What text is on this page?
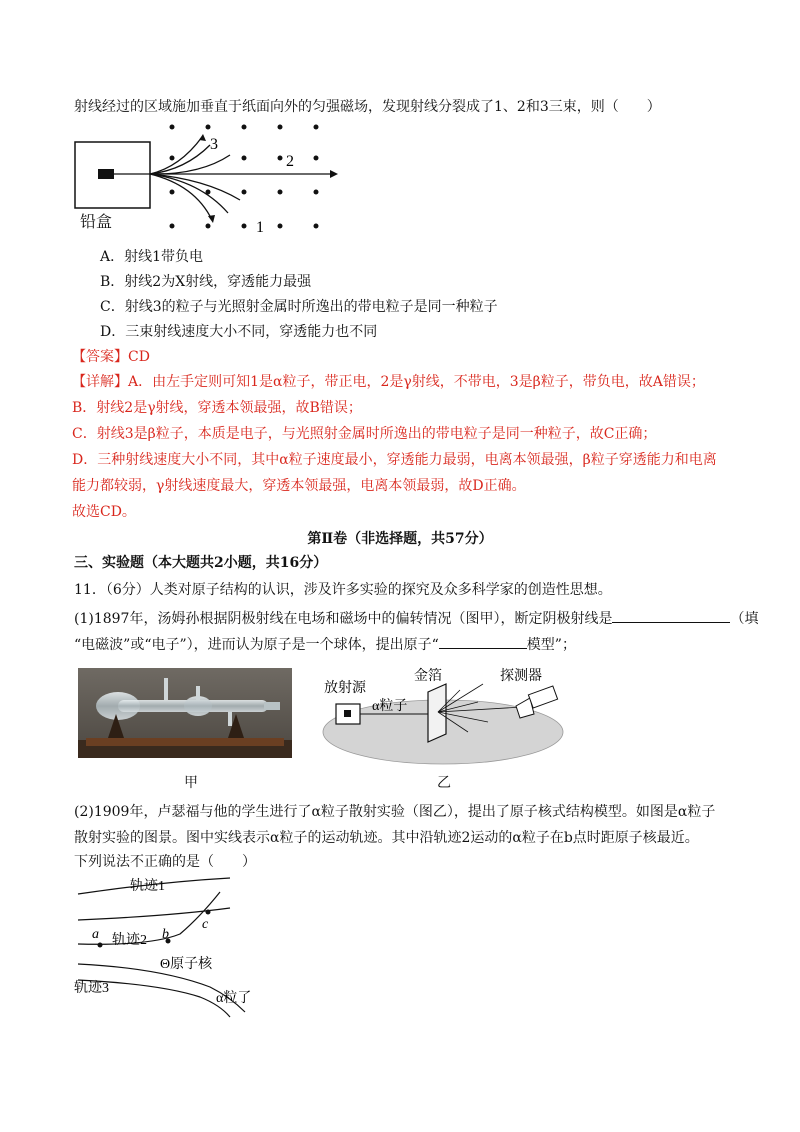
射线经过的区域施加垂直于纸面向外的匀强磁场，发现射线分裂成了1、2和3三束，则（　　）
3
2
1
铅盒
A．射线1带负电
B．射线2为X射线，穿透能力最强
C．射线3的粒子与光照射金属时所逸出的带电粒子是同一种粒子
D．三束射线速度大小不同，穿透能力也不同
【答案】CD
【详解】A．由左手定则可知1是α粒子，带正电，2是γ射线，不带电，3是β粒子，带负电，故A错误；
B．射线2是γ射线，穿透本领最强，故B错误；
C．射线3是β粒子，本质是电子，与光照射金属时所逸出的带电粒子是同一种粒子，故C正确；
D．三种射线速度大小不同，其中α粒子速度最小，穿透能力最弱，电离本领最强，β粒子穿透能力和电离
能力都较弱，γ射线速度最大，穿透本领最强，电离本领最弱，故D正确。
故选CD。
第Ⅱ卷（非选择题，共57分）
三、实验题（本大题共2小题，共16分）
11．（6分）人类对原子结构的认识，涉及许多实验的探究及众多科学家的创造性思想。
(1)1897年，汤姆孙根据阴极射线在电场和磁场中的偏转情况（图甲），断定阴极射线是	（填
“电磁波”或“电子”），进而认为原子是一个球体，提出原子“	模型”；
放射源
金箔	探测器
α粒子
甲	乙
(2)1909年，卢瑟福与他的学生进行了α粒子散射实验（图乙），提出了原子核式结构模型。如图是α粒子
散射实验的图景。图中实线表示α粒子的运动轨迹。其中沿轨迹2运动的α粒子在b点时距原子核最近。
下列说法不正确的是（　　）
轨迹1
a 轨迹2 b
c
Θ原子核
轨迹3
α粒了
